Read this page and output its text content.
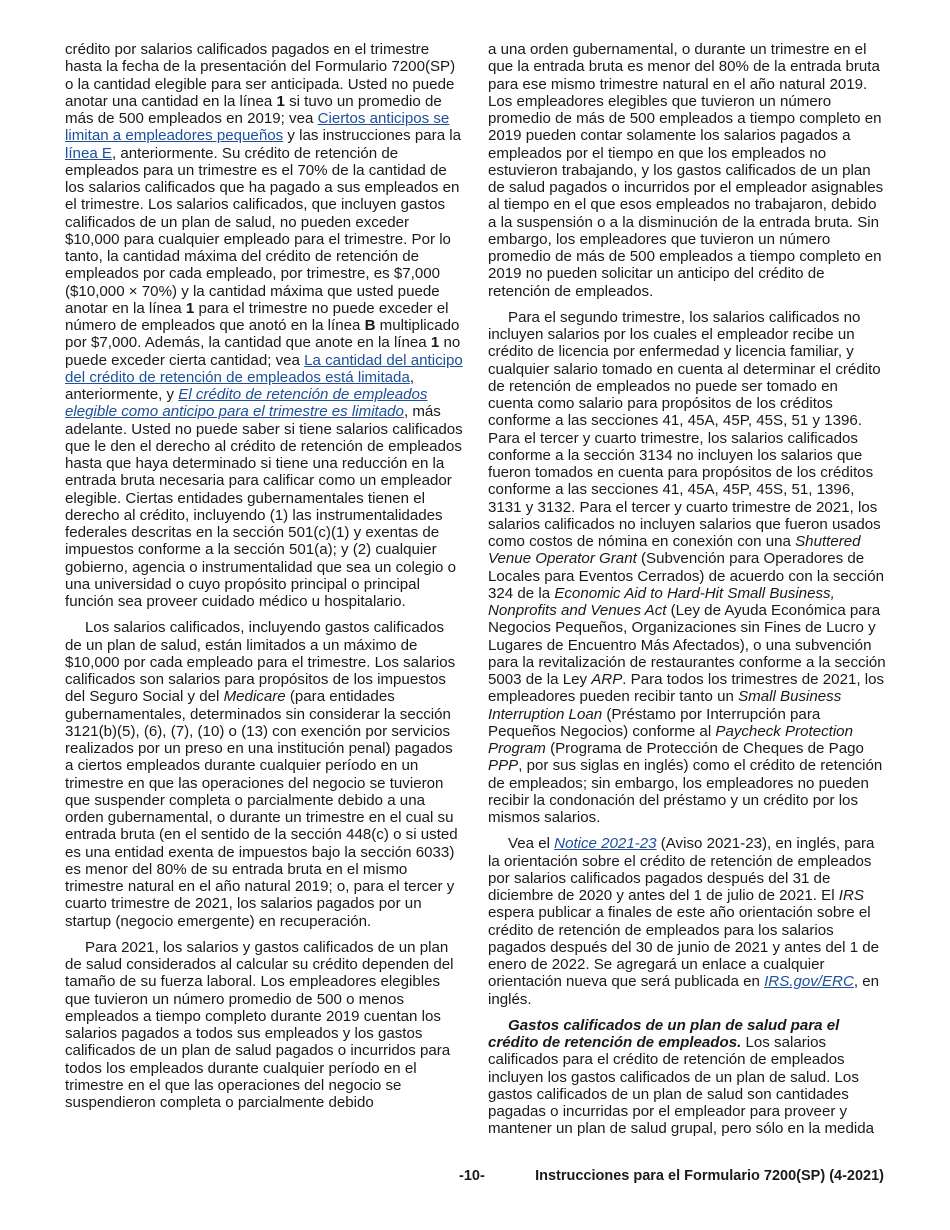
crédito por salarios calificados pagados en el trimestre hasta la fecha de la presentación del Formulario 7200(SP) o la cantidad elegible para ser anticipada. Usted no puede anotar una cantidad en la línea 1 si tuvo un promedio de más de 500 empleados en 2019; vea Ciertos anticipos se limitan a empleadores pequeños y las instrucciones para la línea E, anteriormente. Su crédito de retención de empleados para un trimestre es el 70% de la cantidad de los salarios calificados que ha pagado a sus empleados en el trimestre. Los salarios calificados, que incluyen gastos calificados de un plan de salud, no pueden exceder $10,000 para cualquier empleado para el trimestre. Por lo tanto, la cantidad máxima del crédito de retención de empleados por cada empleado, por trimestre, es $7,000 ($10,000 × 70%) y la cantidad máxima que usted puede anotar en la línea 1 para el trimestre no puede exceder el número de empleados que anotó en la línea B multiplicado por $7,000. Además, la cantidad que anote en la línea 1 no puede exceder cierta cantidad; vea La cantidad del anticipo del crédito de retención de empleados está limitada, anteriormente, y El crédito de retención de empleados elegible como anticipo para el trimestre es limitado, más adelante. Usted no puede saber si tiene salarios calificados que le den el derecho al crédito de retención de empleados hasta que haya determinado si tiene una reducción en la entrada bruta necesaria para calificar como un empleador elegible. Ciertas entidades gubernamentales tienen el derecho al crédito, incluyendo (1) las instrumentalidades federales descritas en la sección 501(c)(1) y exentas de impuestos conforme a la sección 501(a); y (2) cualquier gobierno, agencia o instrumentalidad que sea un colegio o una universidad o cuyo propósito principal o principal función sea proveer cuidado médico u hospitalario.

Los salarios calificados, incluyendo gastos calificados de un plan de salud, están limitados a un máximo de $10,000 por cada empleado para el trimestre. Los salarios calificados son salarios para propósitos de los impuestos del Seguro Social y del Medicare (para entidades gubernamentales, determinados sin considerar la sección 3121(b)(5), (6), (7), (10) o (13) con exención por servicios realizados por un preso en una institución penal) pagados a ciertos empleados durante cualquier período en un trimestre en que las operaciones del negocio se tuvieron que suspender completa o parcialmente debido a una orden gubernamental, o durante un trimestre en el cual su entrada bruta (en el sentido de la sección 448(c) o si usted es una entidad exenta de impuestos bajo la sección 6033) es menor del 80% de su entrada bruta en el mismo trimestre natural en el año natural 2019; o, para el tercer y cuarto trimestre de 2021, los salarios pagados por un startup (negocio emergente) en recuperación.

Para 2021, los salarios y gastos calificados de un plan de salud considerados al calcular su crédito dependen del tamaño de su fuerza laboral. Los empleadores elegibles que tuvieron un número promedio de 500 o menos empleados a tiempo completo durante 2019 cuentan los salarios pagados a todos sus empleados y los gastos calificados de un plan de salud pagados o incurridos para todos los empleados durante cualquier período en el trimestre en el que las operaciones del negocio se suspendieron completa o parcialmente debido

a una orden gubernamental, o durante un trimestre en el que la entrada bruta es menor del 80% de la entrada bruta para ese mismo trimestre natural en el año natural 2019. Los empleadores elegibles que tuvieron un número promedio de más de 500 empleados a tiempo completo en 2019 pueden contar solamente los salarios pagados a empleados por el tiempo en que los empleados no estuvieron trabajando, y los gastos calificados de un plan de salud pagados o incurridos por el empleador asignables al tiempo en el que esos empleados no trabajaron, debido a la suspensión o a la disminución de la entrada bruta. Sin embargo, los empleadores que tuvieron un número promedio de más de 500 empleados a tiempo completo en 2019 no pueden solicitar un anticipo del crédito de retención de empleados.

Para el segundo trimestre, los salarios calificados no incluyen salarios por los cuales el empleador recibe un crédito de licencia por enfermedad y licencia familiar, y cualquier salario tomado en cuenta al determinar el crédito de retención de empleados no puede ser tomado en cuenta como salario para propósitos de los créditos conforme a las secciones 41, 45A, 45P, 45S, 51 y 1396. Para el tercer y cuarto trimestre, los salarios calificados conforme a la sección 3134 no incluyen los salarios que fueron tomados en cuenta para propósitos de los créditos conforme a las secciones 41, 45A, 45P, 45S, 51, 1396, 3131 y 3132. Para el tercer y cuarto trimestre de 2021, los salarios calificados no incluyen salarios que fueron usados como costos de nómina en conexión con una Shuttered Venue Operator Grant (Subvención para Operadores de Locales para Eventos Cerrados) de acuerdo con la sección 324 de la Economic Aid to Hard-Hit Small Business, Nonprofits and Venues Act (Ley de Ayuda Económica para Negocios Pequeños, Organizaciones sin Fines de Lucro y Lugares de Encuentro Más Afectados), o una subvención para la revitalización de restaurantes conforme a la sección 5003 de la Ley ARP. Para todos los trimestres de 2021, los empleadores pueden recibir tanto un Small Business Interruption Loan (Préstamo por Interrupción para Pequeños Negocios) conforme al Paycheck Protection Program (Programa de Protección de Cheques de Pago PPP, por sus siglas en inglés) como el crédito de retención de empleados; sin embargo, los empleadores no pueden recibir la condonación del préstamo y un crédito por los mismos salarios.

Vea el Notice 2021-23 (Aviso 2021-23), en inglés, para la orientación sobre el crédito de retención de empleados por salarios calificados pagados después del 31 de diciembre de 2020 y antes del 1 de julio de 2021. El IRS espera publicar a finales de este año orientación sobre el crédito de retención de empleados para los salarios pagados después del 30 de junio de 2021 y antes del 1 de enero de 2022. Se agregará un enlace a cualquier orientación nueva que será publicada en IRS.gov/ERC, en inglés.

Gastos calificados de un plan de salud para el crédito de retención de empleados. Los salarios calificados para el crédito de retención de empleados incluyen los gastos calificados de un plan de salud. Los gastos calificados de un plan de salud son cantidades pagadas o incurridas por el empleador para proveer y mantener un plan de salud grupal, pero sólo en la medida

-10-	Instrucciones para el Formulario 7200(SP) (4-2021)
